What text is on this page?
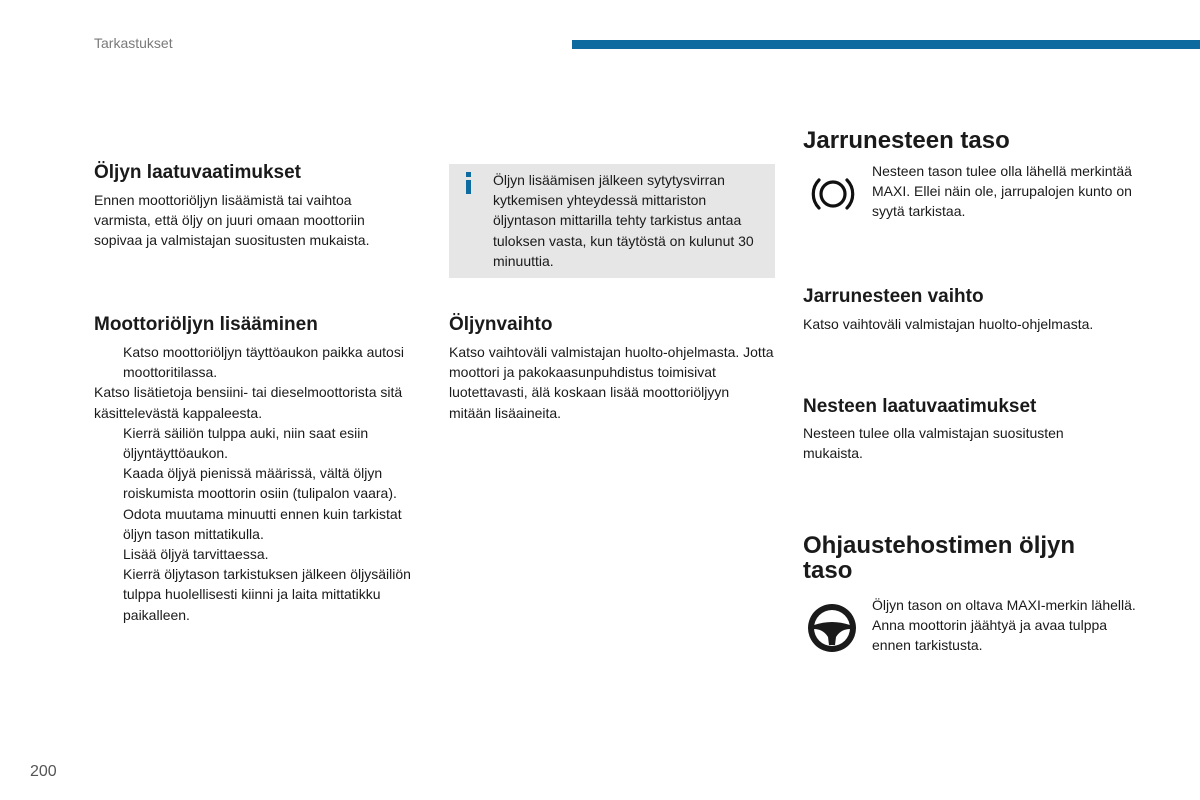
Tarkastukset
Öljyn laatuvaatimukset

Ennen moottoriöljyn lisäämistä tai vaihtoa varmista, että öljy on juuri omaan moottoriin sopivaa ja valmistajan suositusten mukaista.

Moottoriöljyn lisääminen
Katso moottoriöljyn täyttöaukon paikka autosi moottoritilassa.
Katso lisätietoja bensiini- tai dieselmoottorista sitä käsittelevästä kappaleesta.
Kierrä säiliön tulppa auki, niin saat esiin öljyntäyttöaukon.
Kaada öljyä pienissä määrissä, vältä öljyn roiskumista moottorin osiin (tulipalon vaara).
Odota muutama minuutti ennen kuin tarkistat öljyn tason mittatikulla.
Lisää öljyä tarvittaessa.
Kierrä öljytason tarkistuksen jälkeen öljysäiliön tulppa huolellisesti kiinni ja laita mittatikku paikalleen.

Öljyn lisäämisen jälkeen sytytysvirran kytkemisen yhteydessä mittariston öljyntason mittarilla tehty tarkistus antaa tuloksen vasta, kun täytöstä on kulunut 30 minuuttia.

Öljynvaihto

Katso vaihtoväli valmistajan huolto-ohjelmasta. Jotta moottori ja pakokaasunpuhdistus toimisivat luotettavasti, älä koskaan lisää moottoriöljyyn mitään lisäaineita.

Jarrunesteen taso

Nesteen tason tulee olla lähellä merkintää MAXI. Ellei näin ole, jarrupalojen kunto on syytä tarkistaa.

Jarrunesteen vaihto

Katso vaihtoväli valmistajan huolto-ohjelmasta.

Nesteen laatuvaatimukset

Nesteen tulee olla valmistajan suositusten mukaista.

Ohjaustehostimen öljyn taso

Öljyn tason on oltava MAXI-merkin lähellä. Anna moottorin jäähtyä ja avaa tulppa ennen tarkistusta.

200
